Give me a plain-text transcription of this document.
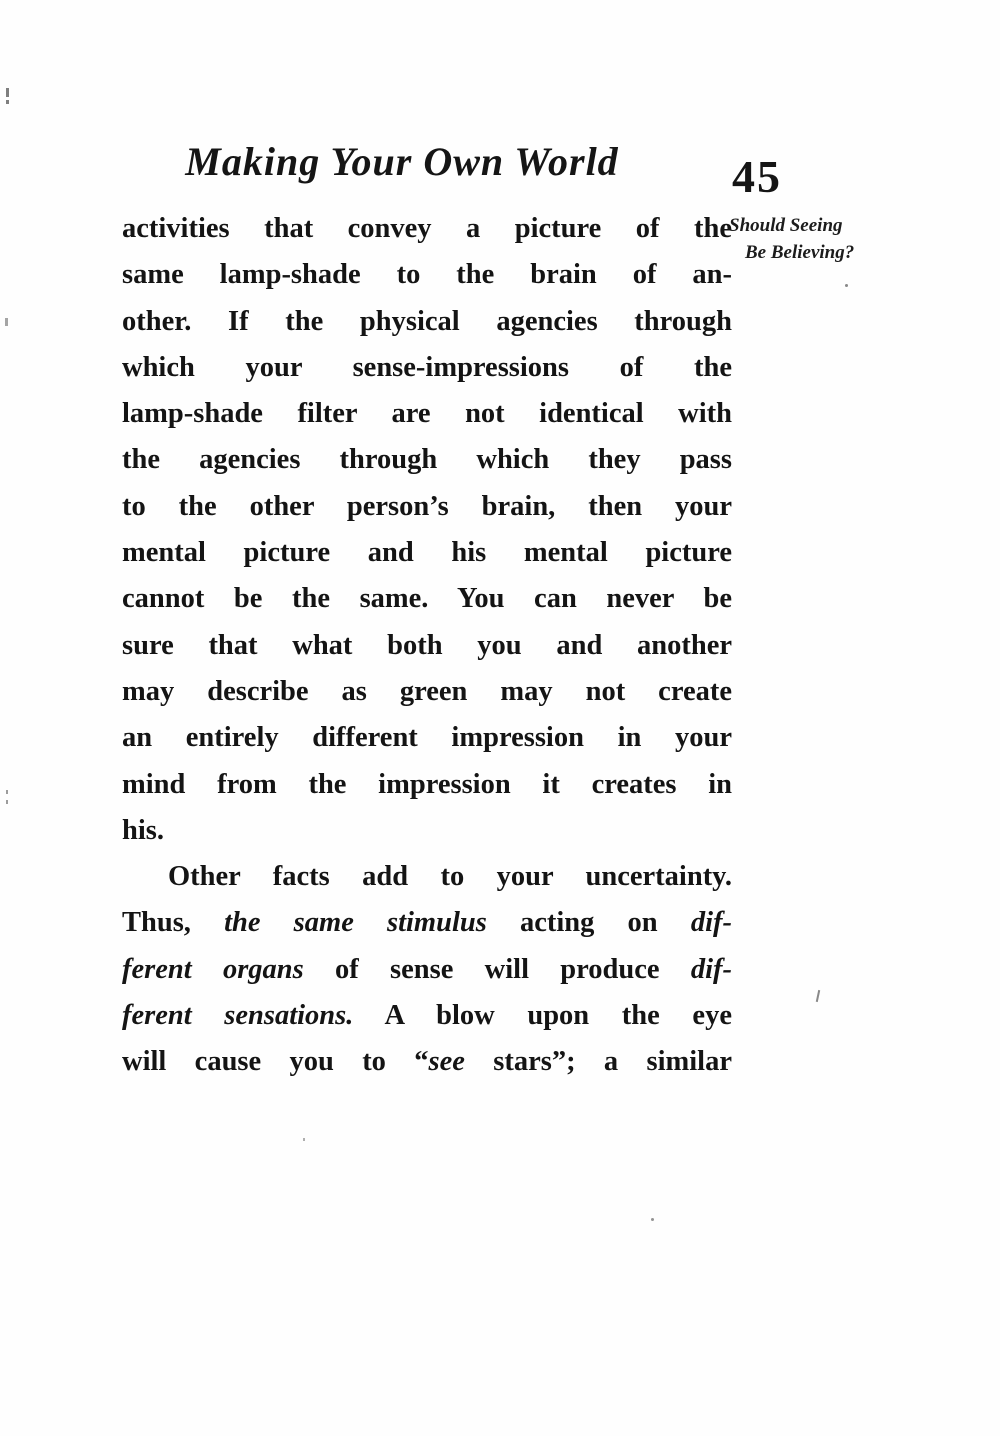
Making Your Own World	45
Should Seeing
Be Believing?
activities that convey a picture of the
same lamp-shade to the brain of an-
other. If the physical agencies through
which your sense-impressions of the
lamp-shade filter are not identical with
the agencies through which they pass
to the other person’s brain, then your
mental picture and his mental picture
cannot be the same. You can never be
sure that what both you and another
may describe as green may not create
an entirely different impression in your
mind from the impression it creates in
his.
Other facts add to your uncertainty.
Thus, the same stimulus acting on dif-
ferent organs of sense will produce dif-
ferent sensations. A blow upon the eye
will cause you to “see stars”; a similar
